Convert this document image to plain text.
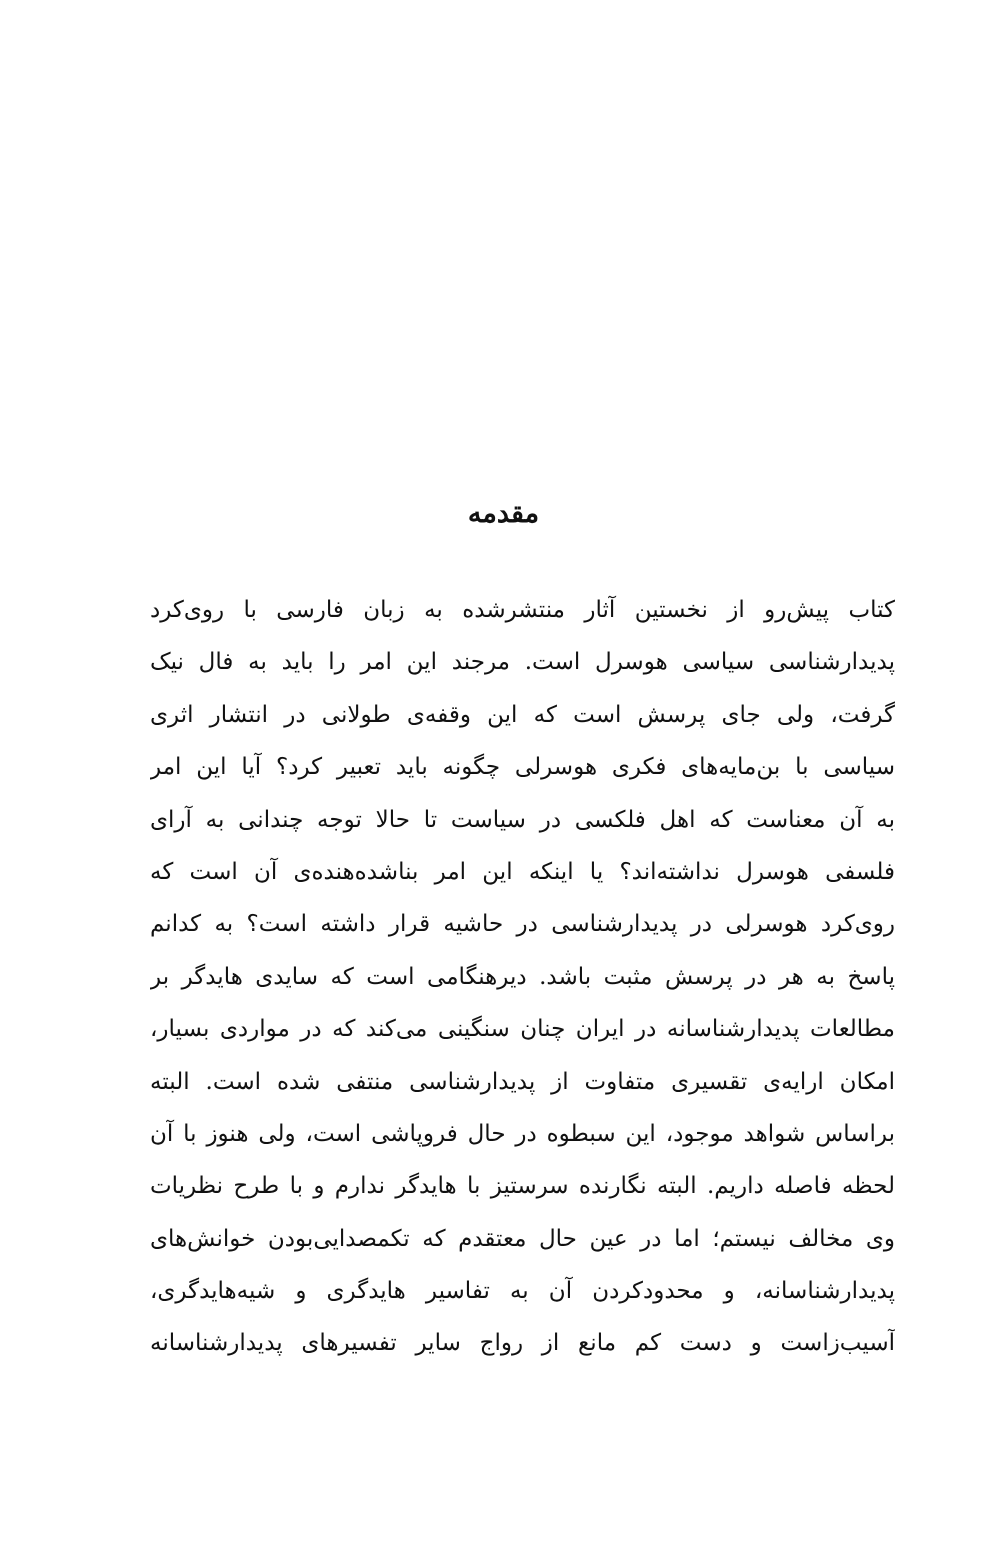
مقدمه
کتاب پیش‌رو از نخستین آثار منتشرشده به زبان فارسی با روی‌کرد
پدیدارشناسی سیاسی هوسرل است. مرجند این امر را باید به فال نیک
گرفت، ولی جای پرسش است که این وقفه‌ی طولانی در انتشار اثری
سیاسی با بن‌مایه‌های فکری هوسرلی‌ چگونه باید تعبیر کرد؟ آیا این امر
به آن معناست که اهل فلکسی در سیاست تا حالا توجه چندانی به آرای
فلسفی هوسرل نداشته‌اند؟ یا اینکه این امر بناشده‌هنده‌ی آن است که
روی‌کرد هوسرلی در پدیدارشناسی در حاشیه قرار داشته است؟ به کدانم
پاسخ به هر در پرسش مثبت باشد. دیرهنگامی است که سایدی هایدگر بر
مطالعات پدیدارشناسانه در ایران چنان سنگینی می‌کند که در مواردی بسیار،
امکان ارایه‌ی تقسیری متفاوت از پدیدارشناسی منتفی شده است. البته
براساس شواهد موجود، این سبطوه در حال فروپاشی است، ولی هنوز با آن
لحظه فاصله داریم. البته نگارنده سرستیز با هایدگر ندارم و با طرح نظریات
وی مخالف نیستم؛ اما در عین حال معتقدم که تکمصدایی‌بودن خوانش‌های
پدیدارشناسانه، و محدودکردن آن به تفاسیر هایدگری و شیه‌هایدگری،
آسیب‌زاست و دست کم مانع از رواج سایر تفسیرهای پدیدارشناسانه
